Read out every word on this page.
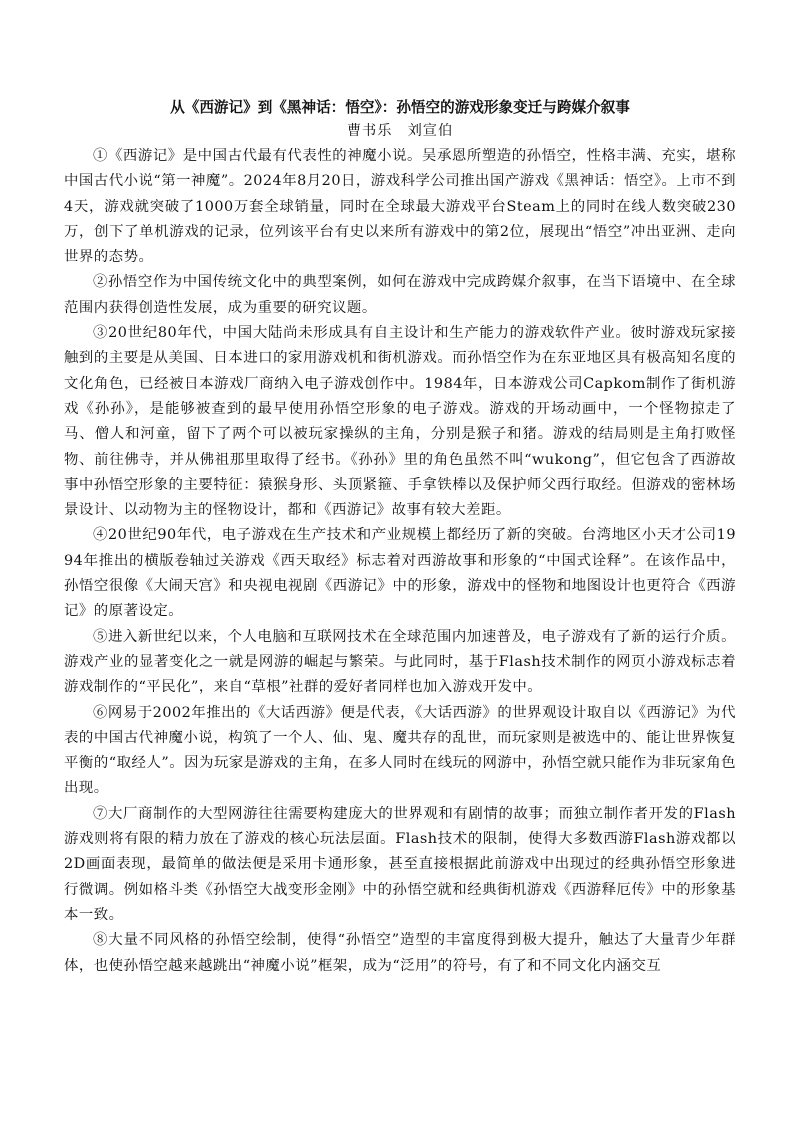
从《西游记》到《黑神话：悟空》：孙悟空的游戏形象变迁与跨媒介叙事
曹书乐　刘宣伯

①《西游记》是中国古代最有代表性的神魔小说。吴承恩所塑造的孙悟空，性格丰满、充实，堪称中国古代小说“第一神魔”。2024年8月20日，游戏科学公司推出国产游戏《黑神话：悟空》。上市不到4天，游戏就突破了1000万套全球销量，同时在全球最大游戏平台Steam上的同时在线人数突破230万，创下了单机游戏的记录，位列该平台有史以来所有游戏中的第2位，展现出“悟空”冲出亚洲、走向世界的态势。

②孙悟空作为中国传统文化中的典型案例，如何在游戏中完成跨媒介叙事，在当下语境中、在全球范围内获得创造性发展，成为重要的研究议题。

③20世纪80年代，中国大陆尚未形成具有自主设计和生产能力的游戏软件产业。彼时游戏玩家接触到的主要是从美国、日本进口的家用游戏机和街机游戏。而孙悟空作为在东亚地区具有极高知名度的文化角色，已经被日本游戏厂商纳入电子游戏创作中。1984年，日本游戏公司Capkom制作了街机游戏《孙孙》，是能够被查到的最早使用孙悟空形象的电子游戏。游戏的开场动画中，一个怪物掠走了马、僧人和河童，留下了两个可以被玩家操纵的主角，分别是猴子和猪。游戏的结局则是主角打败怪物、前往佛寺，并从佛祖那里取得了经书。《孙孙》里的角色虽然不叫“wukong”，但它包含了西游故事中孙悟空形象的主要特征：猿猴身形、头顶紧箍、手拿铁棒以及保护师父西行取经。但游戏的密林场景设计、以动物为主的怪物设计，都和《西游记》故事有较大差距。

④20世纪90年代，电子游戏在生产技术和产业规模上都经历了新的突破。台湾地区小天才公司1994年推出的横版卷轴过关游戏《西天取经》标志着对西游故事和形象的“中国式诠释”。在该作品中，孙悟空很像《大闹天宫》和央视电视剧《西游记》中的形象，游戏中的怪物和地图设计也更符合《西游记》的原著设定。

⑤进入新世纪以来，个人电脑和互联网技术在全球范围内加速普及，电子游戏有了新的运行介质。游戏产业的显著变化之一就是网游的崛起与繁荣。与此同时，基于Flash技术制作的网页小游戏标志着游戏制作的“平民化”，来自“草根”社群的爱好者同样也加入游戏开发中。

⑥网易于2002年推出的《大话西游》便是代表，《大话西游》的世界观设计取自以《西游记》为代表的中国古代神魔小说，构筑了一个人、仙、鬼、魔共存的乱世，而玩家则是被选中的、能让世界恢复平衡的“取经人”。因为玩家是游戏的主角，在多人同时在线玩的网游中，孙悟空就只能作为非玩家角色出现。

⑦大厂商制作的大型网游往往需要构建庞大的世界观和有剧情的故事；而独立制作者开发的Flash游戏则将有限的精力放在了游戏的核心玩法层面。Flash技术的限制，使得大多数西游Flash游戏都以2D画面表现，最简单的做法便是采用卡通形象，甚至直接根据此前游戏中出现过的经典孙悟空形象进行微调。例如格斗类《孙悟空大战变形金刚》中的孙悟空就和经典街机游戏《西游释厄传》中的形象基本一致。

⑧大量不同风格的孙悟空绘制，使得“孙悟空”造型的丰富度得到极大提升，触达了大量青少年群体，也使孙悟空越来越跳出“神魔小说”框架，成为“泛用”的符号，有了和不同文化内涵交互
